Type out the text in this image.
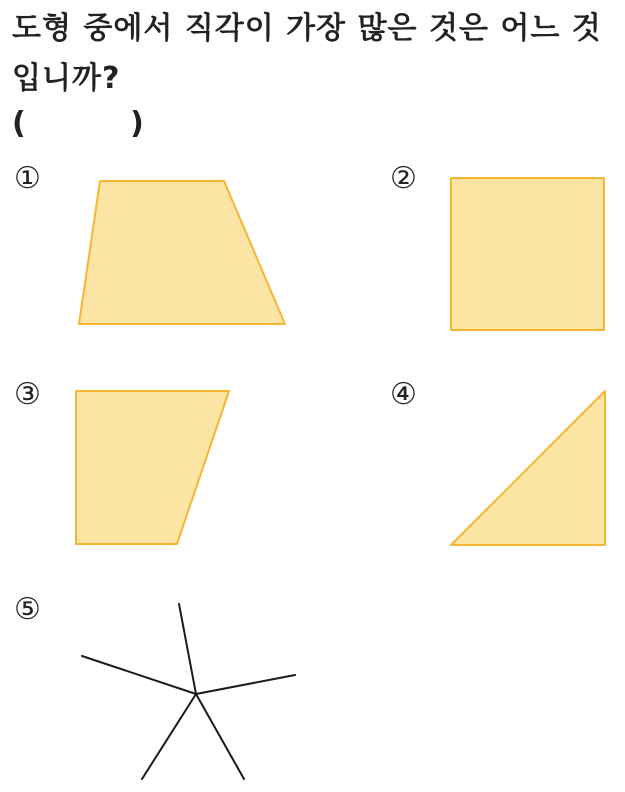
도형 중에서 직각이 가장 많은 것은 어느 것입니까?

(          )
①	②
③	④
⑤
